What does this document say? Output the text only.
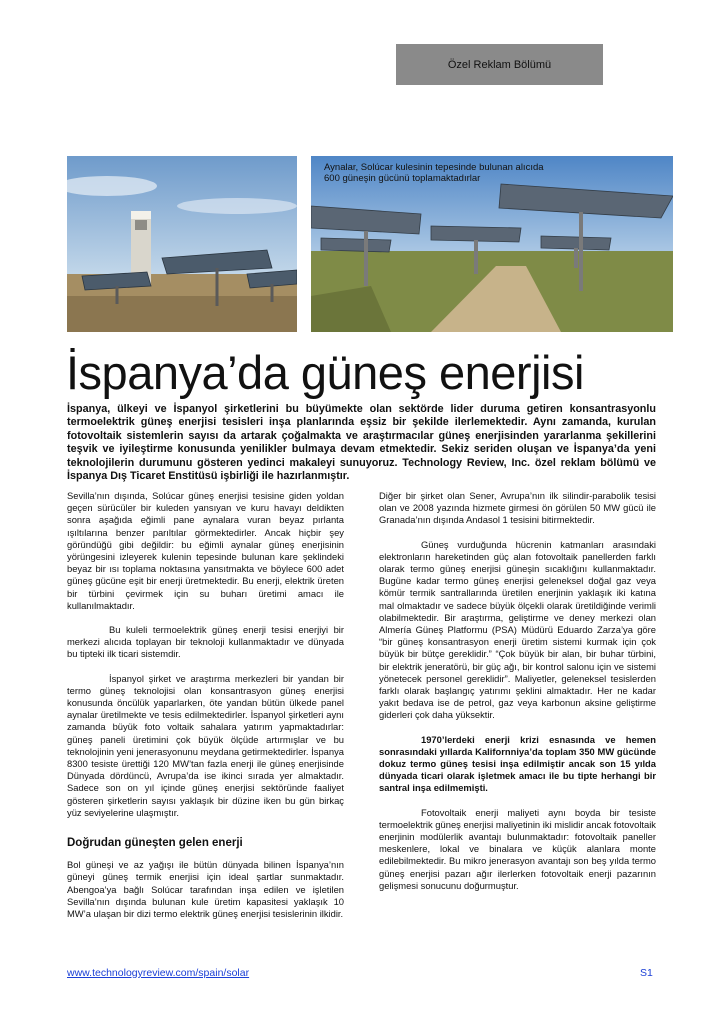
Özel Reklam Bölümü
Aynalar, Solúcar kulesinin tepesinde bulunan alıcıda 600 güneşin gücünü toplamaktadırlar
İspanya’da güneş enerjisi

İspanya, ülkeyi ve İspanyol şirketlerini bu büyümekte olan sektörde lider duruma getiren konsantrasyonlu termoelektrik güneş enerjisi tesisleri inşa planlarında eşsiz bir şekilde ilerlemektedir. Aynı zamanda, kurulan fotovoltaik sistemlerin sayısı da artarak çoğalmakta ve araştırmacılar güneş enerjisinden yararlanma şekillerini teşvik ve iyileştirme konusunda yenilikler bulmaya devam etmektedir. Sekiz seriden oluşan ve İspanya’da yeni teknolojilerin durumunu gösteren yedinci makaleyi sunuyoruz. Technology Review, Inc. özel reklam bölümü ve İspanya Dış Ticaret Enstitüsü işbirliği ile hazırlanmıştır.

Sevilla’nın dışında, Solúcar güneş enerjisi tesisine giden yoldan geçen sürücüler bir kuleden yansıyan ve kuru havayı deldikten sonra aşağıda eğimli pane aynalara vuran beyaz pırlanta ışıltılarına benzer parıltılar görmektedirler. Ancak hiçbir şey göründüğü gibi değildir: bu eğimli aynalar güneş enerjisinin yörüngesini izleyerek kulenin tepesinde bulunan kare şeklindeki beyaz bir ısı toplama noktasına yansıtmakta ve böylece 600 adet güneş gücüne eşit bir enerji üretmektedir. Bu enerji, elektrik üreten bir türbini çevirmek için su buharı üretimi amacı ile kullanılmaktadır.

Bu kuleli termoelektrik güneş enerji tesisi enerjiyi bir merkezi alıcıda toplayan bir teknoloji kullanmaktadır ve dünyada bu tipteki ilk ticari sistemdir.

İspanyol şirket ve araştırma merkezleri bir yandan bir termo güneş teknolojisi olan konsantrasyon güneş enerjisi konusunda öncülük yaparlarken, öte yandan bütün ülkede panel aynalar üretilmekte ve tesis edilmektedirler. İspanyol şirketleri aynı zamanda büyük foto voltaik sahalara yatırım yapmaktadırlar: güneş paneli üretimini çok büyük ölçüde artırmışlar ve bu teknolojinin yeni jenerasyonunu meydana getirmektedirler. İspanya 8300 tesiste ürettiği 120 MW’tan fazla enerji ile güneş enerjisinde Dünyada dördüncü, Avrupa’da ise ikinci sırada yer almaktadır. Sadece son on yıl içinde güneş enerjisi sektöründe faaliyet gösteren şirketlerin sayısı yaklaşık bir düzine iken bu gün birkaç yüz seviyelerine ulaşmıştır.

Doğrudan güneşten gelen enerji

Bol güneşi ve az yağışı ile bütün dünyada bilinen İspanya’nın güneyi güneş termik enerjisi için ideal şartlar sunmaktadır. Abengoa’ya bağlı Solúcar tarafından inşa edilen ve işletilen Sevilla’nın dışında bulunan kule üretim kapasitesi yaklaşık 10 MW’a ulaşan bir dizi termo elektrik güneş enerjisi tesislerinin ilkidir.

Diğer bir şirket olan Sener, Avrupa’nın ilk silindir-parabolik tesisi olan ve 2008 yazında hizmete girmesi ön görülen 50 MW gücü ile Granada’nın dışında Andasol 1 tesisini bitirmektedir.

Güneş vurduğunda hücrenin katmanları arasındaki elektronların hareketinden güç alan fotovoltaik panellerden farklı olarak termo güneş enerjisi güneşin sıcaklığını kullanmaktadır. Bugüne kadar termo güneş enerjisi geleneksel doğal gaz veya kömür termik santrallarında üretilen enerjinin yaklaşık iki katına mal olmaktadır ve sadece büyük ölçekli olarak üretildiğinde verimli olabilmektedir. Bir araştırma, geliştirme ve deney merkezi olan Almería Güneş Platformu (PSA) Müdürü Eduardo Zarza’ya göre “bir güneş konsantrasyon enerji üretim sistemi kurmak için çok büyük bir bütçe gereklidir.” “Çok büyük bir alan, bir buhar türbini, bir elektrik jeneratörü, bir güç ağı, bir kontrol salonu için ve sistemi yönetecek personel gereklidir”. Maliyetler, geleneksel tesislerden farklı olarak başlangıç yatırımı şeklini almaktadır. Her ne kadar yakıt bedava ise de petrol, gaz veya karbonun aksine geliştirme giderleri çok daha yüksektir.

1970’lerdeki enerji krizi esnasında ve hemen sonrasındaki yıllarda Kalifornniya’da toplam 350 MW gücünde dokuz termo güneş tesisi inşa edilmiştir ancak son 15 yılda dünyada ticari olarak işletmek amacı ile bu tipte herhangi bir santral inşa edilmemişti.

Fotovoltaik enerji maliyeti aynı boyda bir tesiste termoelektrik güneş enerjisi maliyetinin iki mislidir ancak fotovoltaik enerjinin modülerlik avantajı bulunmaktadır: fotovoltaik paneller meskenlere, lokal ve binalara ve küçük alanlara monte edilebilmektedir. Bu mikro jenerasyon avantajı son beş yılda termo güneş enerjisi pazarı ağır ilerlerken fotovoltaik enerji pazarının gelişmesi sonucunu doğurmuştur.

www.technologyreview.com/spain/solar	S1
